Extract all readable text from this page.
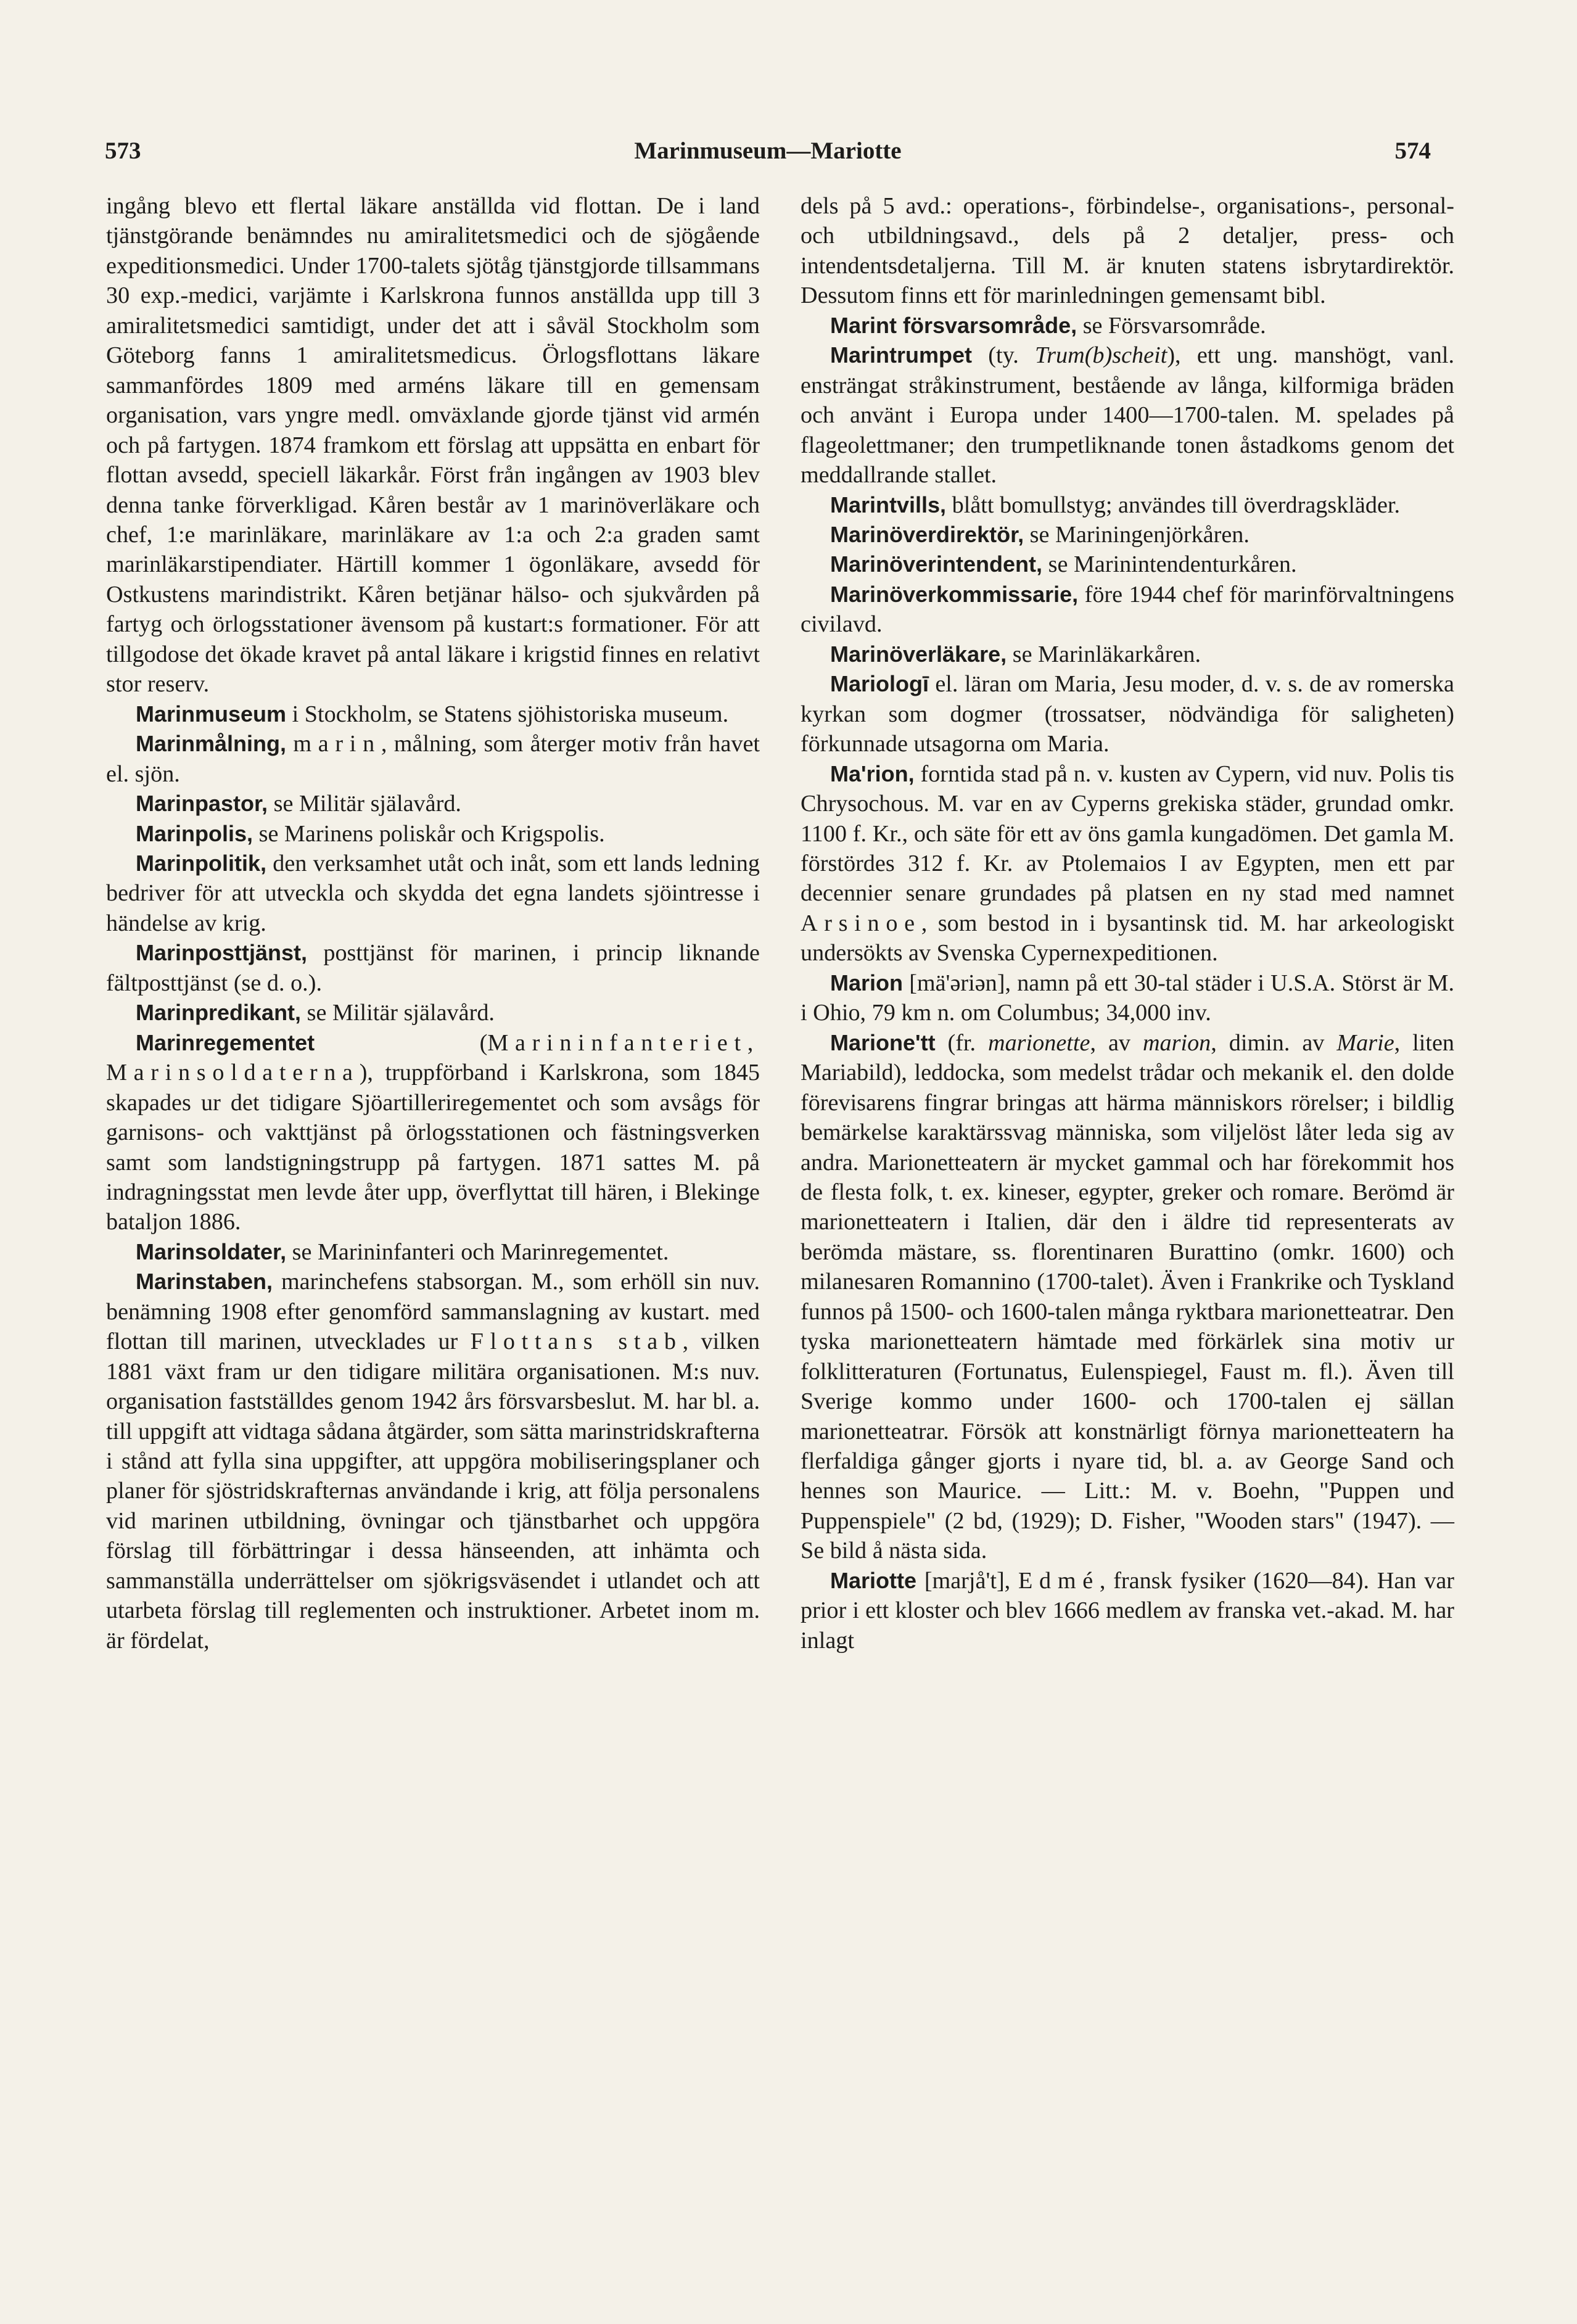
573	Marinmuseum—Mariotte	574

ingång blevo ett flertal läkare anställda vid flottan. De i land tjänstgörande benämndes nu amiralitetsmedici och de sjögående expeditionsmedici. Under 1700-talets sjötåg tjänstgjorde tillsammans 30 exp.-medici, varjämte i Karlskrona funnos anställda upp till 3 amiralitetsmedici samtidigt, under det att i såväl Stockholm som Göteborg fanns 1 amiralitetsmedicus. Örlogsflottans läkare sammanfördes 1809 med arméns läkare till en gemensam organisation, vars yngre medl. omväxlande gjorde tjänst vid armén och på fartygen. 1874 framkom ett förslag att uppsätta en enbart för flottan avsedd, speciell läkarkår. Först från ingången av 1903 blev denna tanke förverkligad. Kåren består av 1 marinöverläkare och chef, 1:e marinläkare, marinläkare av 1:a och 2:a graden samt marinläkarstipendiater. Härtill kommer 1 ögonläkare, avsedd för Ostkustens marindistrikt. Kåren betjänar hälso- och sjukvården på fartyg och örlogsstationer ävensom på kustart:s formationer. För att tillgodose det ökade kravet på antal läkare i krigstid finnes en relativt stor reserv.

Marinmuseum i Stockholm, se Statens sjöhistoriska museum.

Marinmålning, marin, målning, som återger motiv från havet el. sjön.

Marinpastor, se Militär själavård.

Marinpolis, se Marinens poliskår och Krigspolis.

Marinpolitik, den verksamhet utåt och inåt, som ett lands ledning bedriver för att utveckla och skydda det egna landets sjöintresse i händelse av krig.

Marinposttjänst, posttjänst för marinen, i princip liknande fältposttjänst (se d. o.).

Marinpredikant, se Militär själavård.

Marinregementet (Marininfanteriet, Marinsoldaterna), truppförband i Karlskrona, som 1845 skapades ur det tidigare Sjöartilleriregementet och som avsågs för garnisons- och vakttjänst på örlogsstationen och fästningsverken samt som landstigningstrupp på fartygen. 1871 sattes M. på indragningsstat men levde åter upp, överflyttat till hären, i Blekinge bataljon 1886.

Marinsoldater, se Marininfanteri och Marinregementet.

Marinstaben, marinchefens stabsorgan. M., som erhöll sin nuv. benämning 1908 efter genomförd sammanslagning av kustart. med flottan till marinen, utvecklades ur Flottans stab, vilken 1881 växt fram ur den tidigare militära organisationen. M:s nuv. organisation fastställdes genom 1942 års försvarsbeslut. M. har bl. a. till uppgift att vidtaga sådana åtgärder, som sätta marinstridskrafterna i stånd att fylla sina uppgifter, att uppgöra mobiliseringsplaner och planer för sjöstridskrafternas användande i krig, att följa personalens vid marinen utbildning, övningar och tjänstbarhet och uppgöra förslag till förbättringar i dessa hänseenden, att inhämta och sammanställa underrättelser om sjökrigsväsendet i utlandet och att utarbeta förslag till reglementen och instruktioner. Arbetet inom m. är fördelat,

dels på 5 avd.: operations-, förbindelse-, organisations-, personal- och utbildningsavd., dels på 2 detaljer, press- och intendentsdetaljerna. Till M. är knuten statens isbrytardirektör. Dessutom finns ett för marinledningen gemensamt bibl.

Marint försvarsområde, se Försvarsområde.

Marintrumpet (ty. Trum(b)scheit), ett ung. manshögt, vanl. ensträngat stråkinstrument, bestående av långa, kilformiga bräden och använt i Europa under 1400—1700-talen. M. spelades på flageolettmaner; den trumpetliknande tonen åstadkoms genom det meddallrande stallet.

Marintvills, blått bomullstyg; användes till överdragskläder.

Marinöverdirektör, se Mariningenjörkåren.

Marinöverintendent, se Marinintendenturkåren.

Marinöverkommissarie, före 1944 chef för marinförvaltningens civilavd.

Marinöverläkare, se Marinläkarkåren.

Mariologī el. läran om Maria, Jesu moder, d. v. s. de av romerska kyrkan som dogmer (trossatser, nödvändiga för saligheten) förkunnade utsagorna om Maria.

Ma'rion, forntida stad på n. v. kusten av Cypern, vid nuv. Polis tis Chrysochous. M. var en av Cyperns grekiska städer, grundad omkr. 1100 f. Kr., och säte för ett av öns gamla kungadömen. Det gamla M. förstördes 312 f. Kr. av Ptolemaios I av Egypten, men ett par decennier senare grundades på platsen en ny stad med namnet Arsinoe, som bestod in i bysantinsk tid. M. har arkeologiskt undersökts av Svenska Cypernexpeditionen.

Marion [mä'əriən], namn på ett 30-tal städer i U.S.A. Störst är M. i Ohio, 79 km n. om Columbus; 34,000 inv.

Marione'tt (fr. marionette, av marion, dimin. av Marie, liten Mariabild), leddocka, som medelst trådar och mekanik el. den dolde förevisarens fingrar bringas att härma människors rörelser; i bildlig bemärkelse karaktärssvag människa, som viljelöst låter leda sig av andra. Marionetteatern är mycket gammal och har förekommit hos de flesta folk, t. ex. kineser, egypter, greker och romare. Berömd är marionetteatern i Italien, där den i äldre tid representerats av berömda mästare, ss. florentinaren Burattino (omkr. 1600) och milanesaren Romannino (1700-talet). Även i Frankrike och Tyskland funnos på 1500- och 1600-talen många ryktbara marionetteatrar. Den tyska marionetteatern hämtade med förkärlek sina motiv ur folklitteraturen (Fortunatus, Eulenspiegel, Faust m. fl.). Även till Sverige kommo under 1600- och 1700-talen ej sällan marionetteatrar. Försök att konstnärligt förnya marionetteatern ha flerfaldiga gånger gjorts i nyare tid, bl. a. av George Sand och hennes son Maurice. — Litt.: M. v. Boehn, "Puppen und Puppenspiele" (2 bd, (1929); D. Fisher, "Wooden stars" (1947). — Se bild å nästa sida.

Mariotte [marjå't], Edmé, fransk fysiker (1620—84). Han var prior i ett kloster och blev 1666 medlem av franska vet.-akad. M. har inlagt
